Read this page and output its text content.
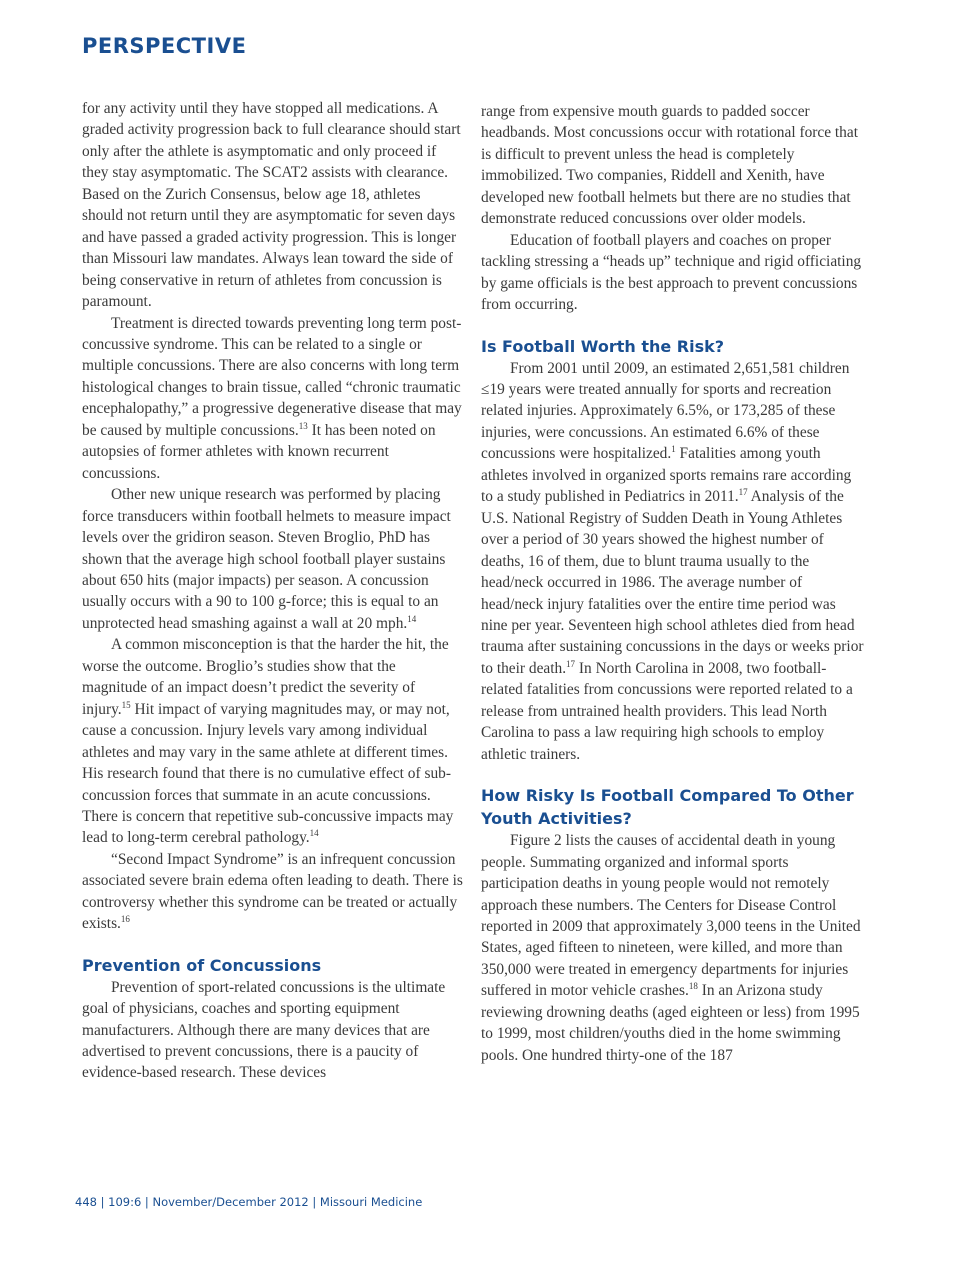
PERSPECTIVE

for any activity until they have stopped all medications. A graded activity progression back to full clearance should start only after the athlete is asymptomatic and only proceed if they stay asymptomatic. The SCAT2 assists with clearance. Based on the Zurich Consensus, below age 18, athletes should not return until they are asymptomatic for seven days and have passed a graded activity progression. This is longer than Missouri law mandates. Always lean toward the side of being conservative in return of athletes from concussion is paramount.

Treatment is directed towards preventing long term post-concussive syndrome. This can be related to a single or multiple concussions. There are also concerns with long term histological changes to brain tissue, called “chronic traumatic encephalopathy,” a progressive degenerative disease that may be caused by multiple concussions.$^{13}$ It has been noted on autopsies of former athletes with known recurrent concussions.

Other new unique research was performed by placing force transducers within football helmets to measure impact levels over the gridiron season. Steven Broglio, PhD has shown that the average high school football player sustains about 650 hits (major impacts) per season. A concussion usually occurs with a 90 to 100 g-force; this is equal to an unprotected head smashing against a wall at 20 mph.$^{14}$

A common misconception is that the harder the hit, the worse the outcome. Broglio’s studies show that the magnitude of an impact doesn’t predict the severity of injury.$^{15}$ Hit impact of varying magnitudes may, or may not, cause a concussion. Injury levels vary among individual athletes and may vary in the same athlete at different times. His research found that there is no cumulative effect of sub-concussion forces that summate in an acute concussions. There is concern that repetitive sub-concussive impacts may lead to long-term cerebral pathology.$^{14}$

“Second Impact Syndrome” is an infrequent concussion associated severe brain edema often leading to death. There is controversy whether this syndrome can be treated or actually exists.$^{16}$

Prevention of Concussions

Prevention of sport-related concussions is the ultimate goal of physicians, coaches and sporting equipment manufacturers. Although there are many devices that are advertised to prevent concussions, there is a paucity of evidence-based research. These devices

range from expensive mouth guards to padded soccer headbands. Most concussions occur with rotational force that is difficult to prevent unless the head is completely immobilized. Two companies, Riddell and Xenith, have developed new football helmets but there are no studies that demonstrate reduced concussions over older models.

Education of football players and coaches on proper tackling stressing a “heads up” technique and rigid officiating by game officials is the best approach to prevent concussions from occurring.

Is Football Worth the Risk?

From 2001 until 2009, an estimated 2,651,581 children ≤19 years were treated annually for sports and recreation related injuries. Approximately 6.5%, or 173,285 of these injuries, were concussions. An estimated 6.6% of these concussions were hospitalized.$^1$ Fatalities among youth athletes involved in organized sports remains rare according to a study published in Pediatrics in 2011.17 Analysis of the U.S. National Registry of Sudden Death in Young Athletes over a period of 30 years showed the highest number of deaths, 16 of them, due to blunt trauma usually to the head/neck occurred in 1986. The average number of head/neck injury fatalities over the entire time period was nine per year. Seventeen high school athletes died from head trauma after sustaining concussions in the days or weeks prior to their death.$^{17}$ In North Carolina in 2008, two football-related fatalities from concussions were reported related to a release from untrained health providers. This lead North Carolina to pass a law requiring high schools to employ athletic trainers.

How Risky Is Football Compared To Other Youth Activities?

Figure 2 lists the causes of accidental death in young people. Summating organized and informal sports participation deaths in young people would not remotely approach these numbers. The Centers for Disease Control reported in 2009 that approximately 3,000 teens in the United States, aged fifteen to nineteen, were killed, and more than 350,000 were treated in emergency departments for injuries suffered in motor vehicle crashes.$^{18}$ In an Arizona study reviewing drowning deaths (aged eighteen or less) from 1995 to 1999, most children/youths died in the home swimming pools. One hundred thirty-one of the 187

448 | 109:6 | November/December 2012 | Missouri Medicine
